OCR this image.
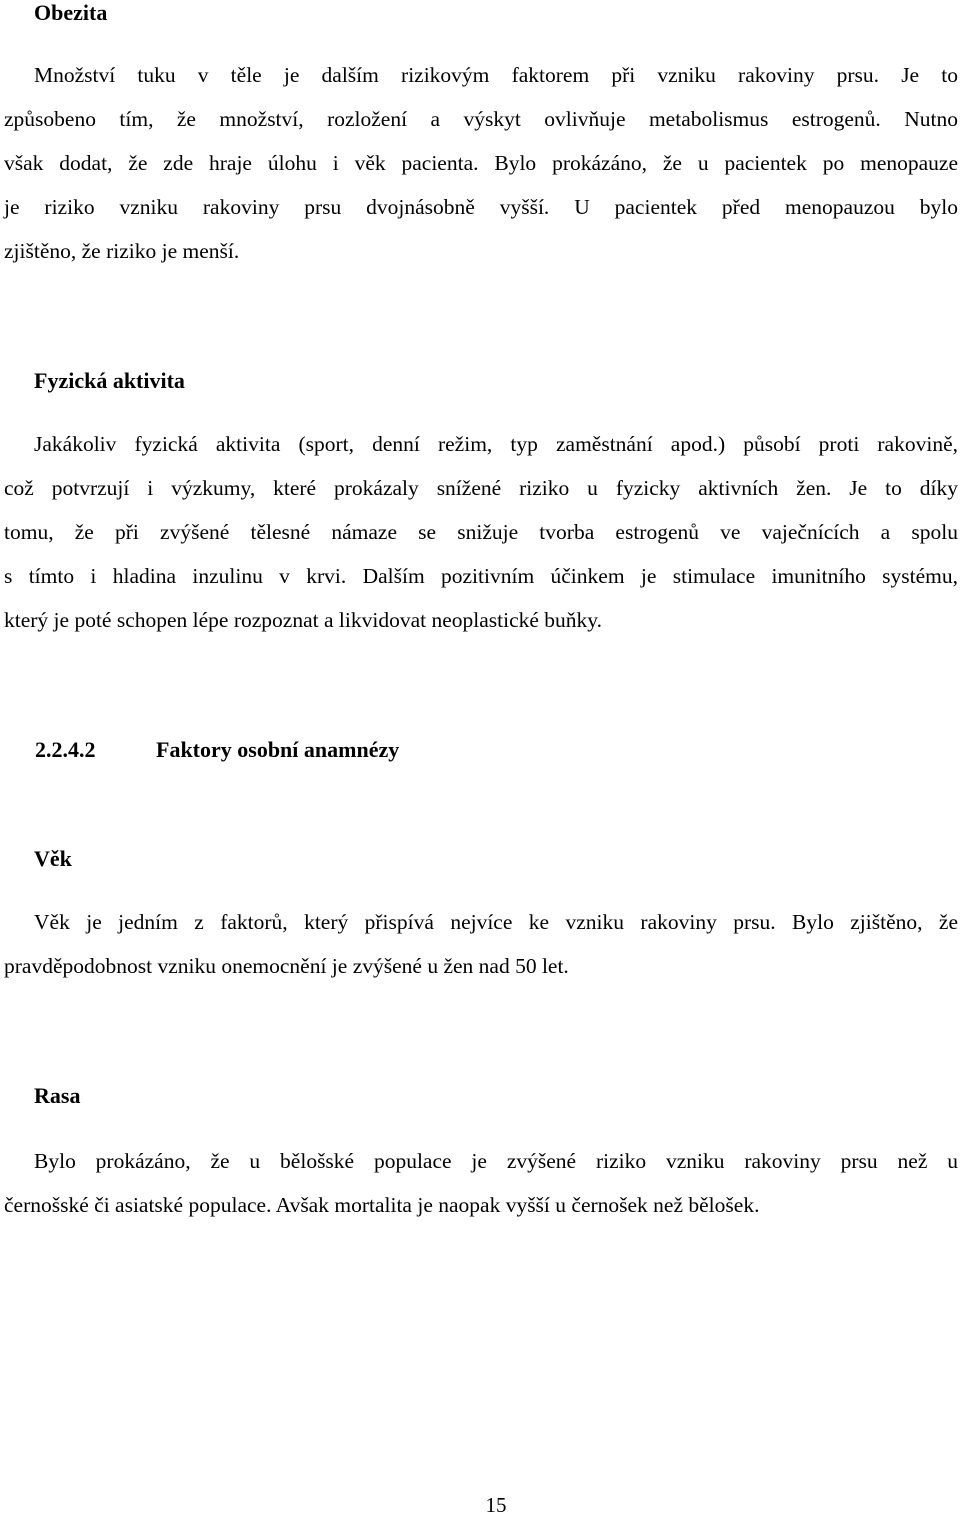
Obezita
Množství tuku v těle je dalším rizikovým faktorem při vzniku rakoviny prsu. Je to
způsobeno tím, že množství, rozložení a výskyt ovlivňuje metabolismus estrogenů. Nutno
však dodat, že zde hraje úlohu i věk pacienta. Bylo prokázáno, že u pacientek po menopauze
je riziko vzniku rakoviny prsu dvojnásobně vyšší. U pacientek před menopauzou bylo
zjištěno, že riziko je menší.
Fyzická aktivita
Jakákoliv fyzická aktivita (sport, denní režim, typ zaměstnání apod.) působí proti rakovině,
což potvrzují i výzkumy, které prokázaly snížené riziko u fyzicky aktivních žen. Je to díky
tomu, že při zvýšené tělesné námaze se snižuje tvorba estrogenů ve vaječnících a spolu
s tímto i hladina inzulinu v krvi. Dalším pozitivním účinkem je stimulace imunitního systému,
který je poté schopen lépe rozpoznat a likvidovat neoplastické buňky.
2.2.4.2	Faktory osobní anamnézy
Věk
Věk je jedním z faktorů, který přispívá nejvíce ke vzniku rakoviny prsu. Bylo zjištěno, že
pravděpodobnost vzniku onemocnění je zvýšené u žen nad 50 let.
Rasa
Bylo prokázáno, že u bělošské populace je zvýšené riziko vzniku rakoviny prsu než u
černošské či asiatské populace. Avšak mortalita je naopak vyšší u černošek než bělošek.
15
